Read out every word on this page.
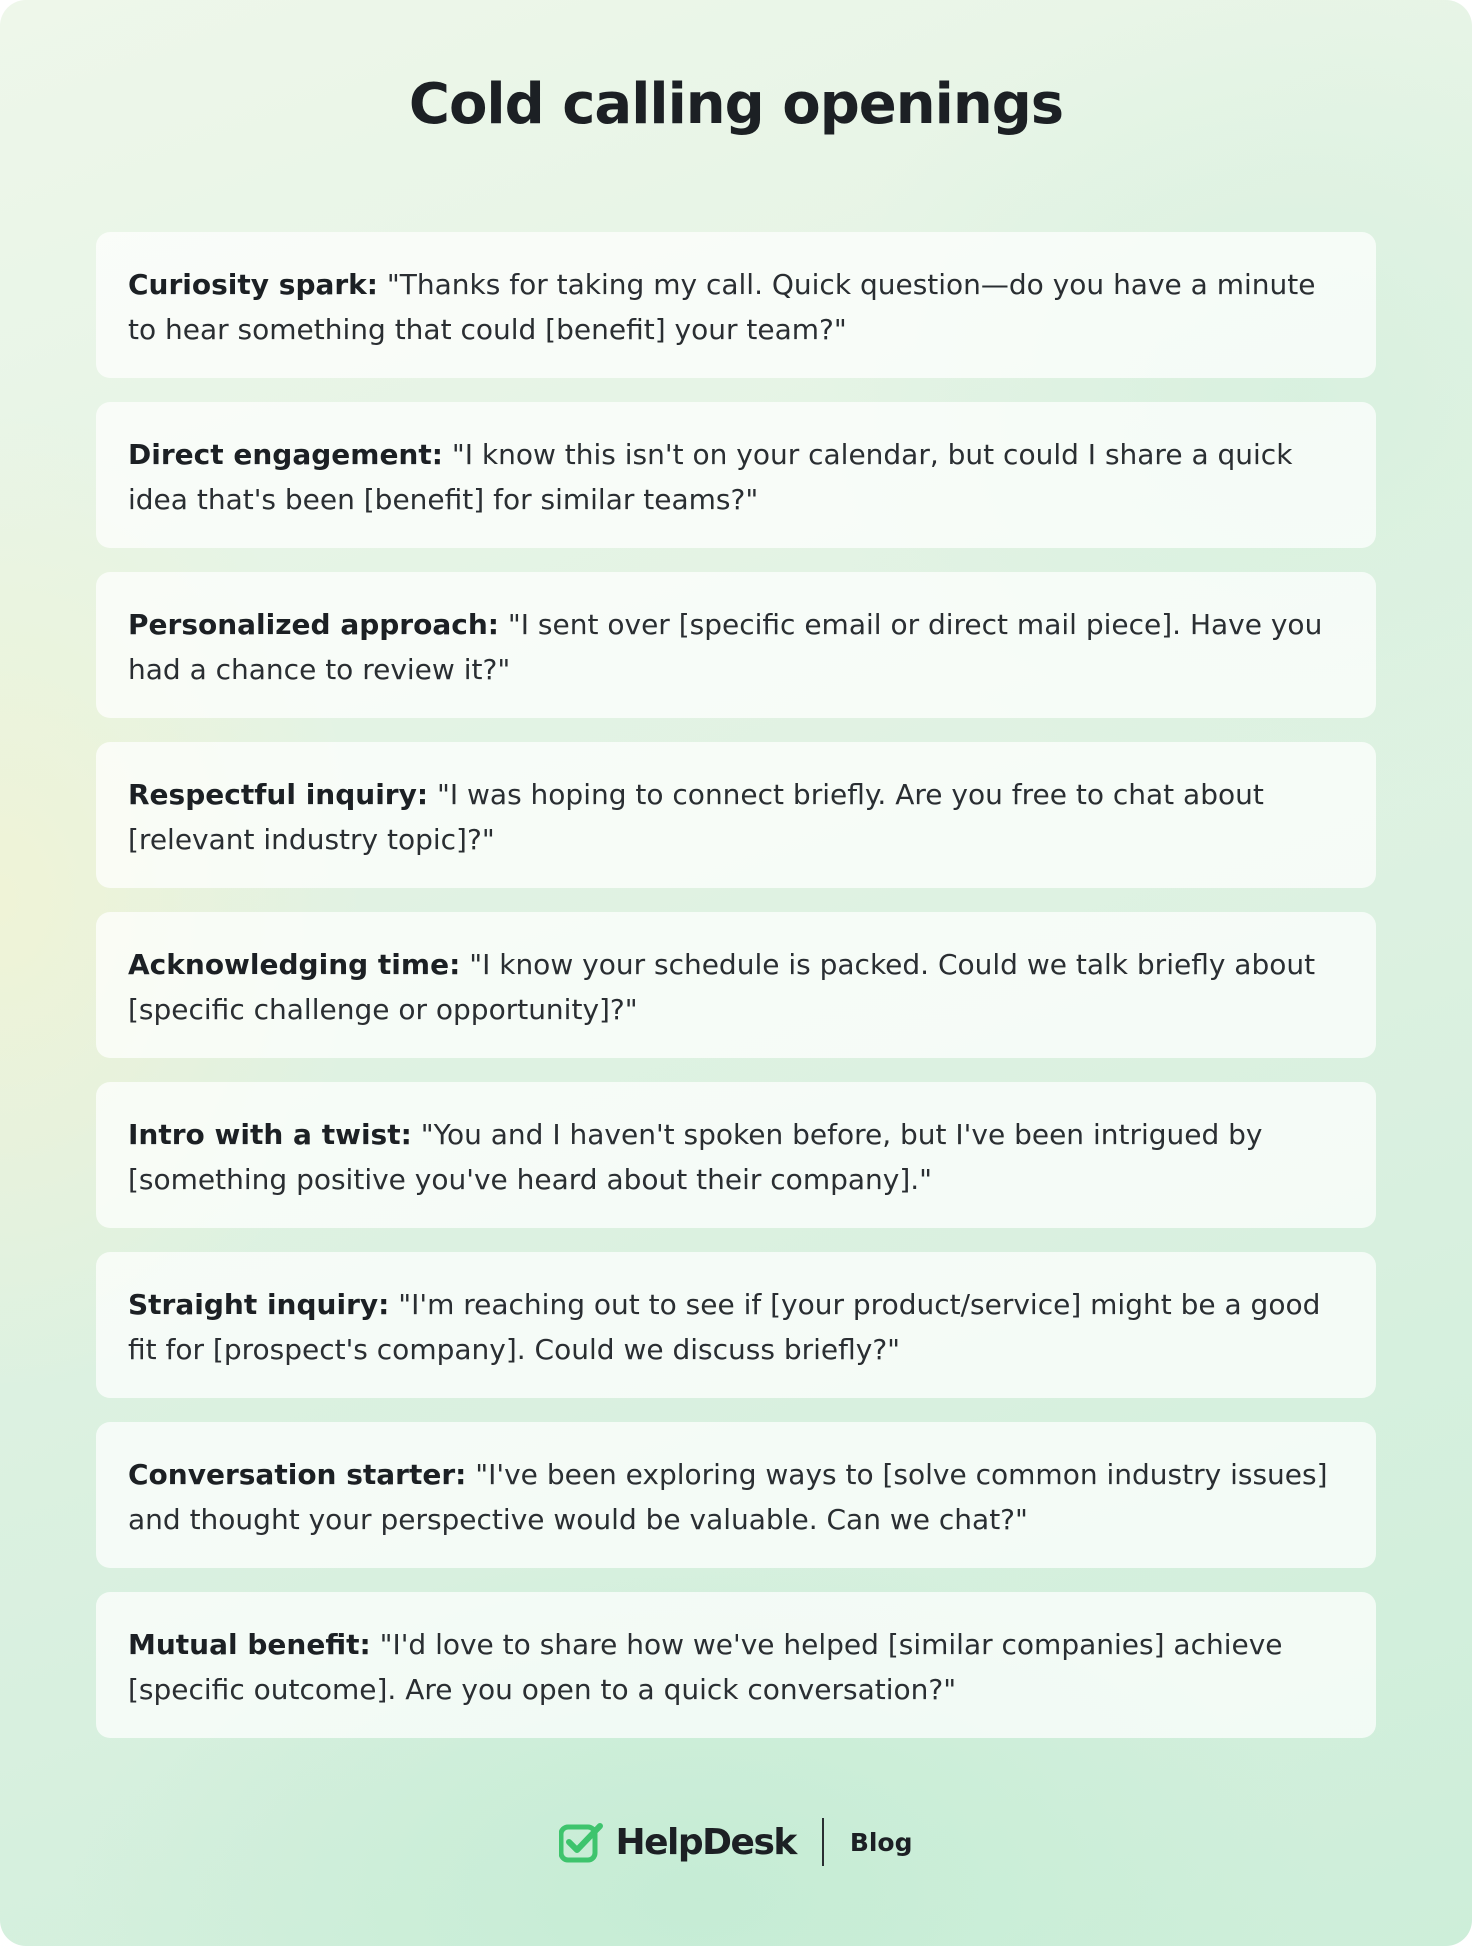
Cold calling openings
Curiosity spark: "Thanks for taking my call. Quick question—do you have a minute to hear something that could [benefit] your team?"
Direct engagement: "I know this isn't on your calendar, but could I share a quick idea that's been [benefit] for similar teams?"
Personalized approach: "I sent over [specific email or direct mail piece]. Have you had a chance to review it?"
Respectful inquiry: "I was hoping to connect briefly. Are you free to chat about [relevant industry topic]?"
Acknowledging time: "I know your schedule is packed. Could we talk briefly about [specific challenge or opportunity]?"
Intro with a twist: "You and I haven't spoken before, but I've been intrigued by [something positive you've heard about their company]."
Straight inquiry: "I'm reaching out to see if [your product/service] might be a good fit for [prospect's company]. Could we discuss briefly?"
Conversation starter: "I've been exploring ways to [solve common industry issues] and thought your perspective would be valuable. Can we chat?"
Mutual benefit: "I'd love to share how we've helped [similar companies] achieve [specific outcome]. Are you open to a quick conversation?"
HelpDesk Blog
